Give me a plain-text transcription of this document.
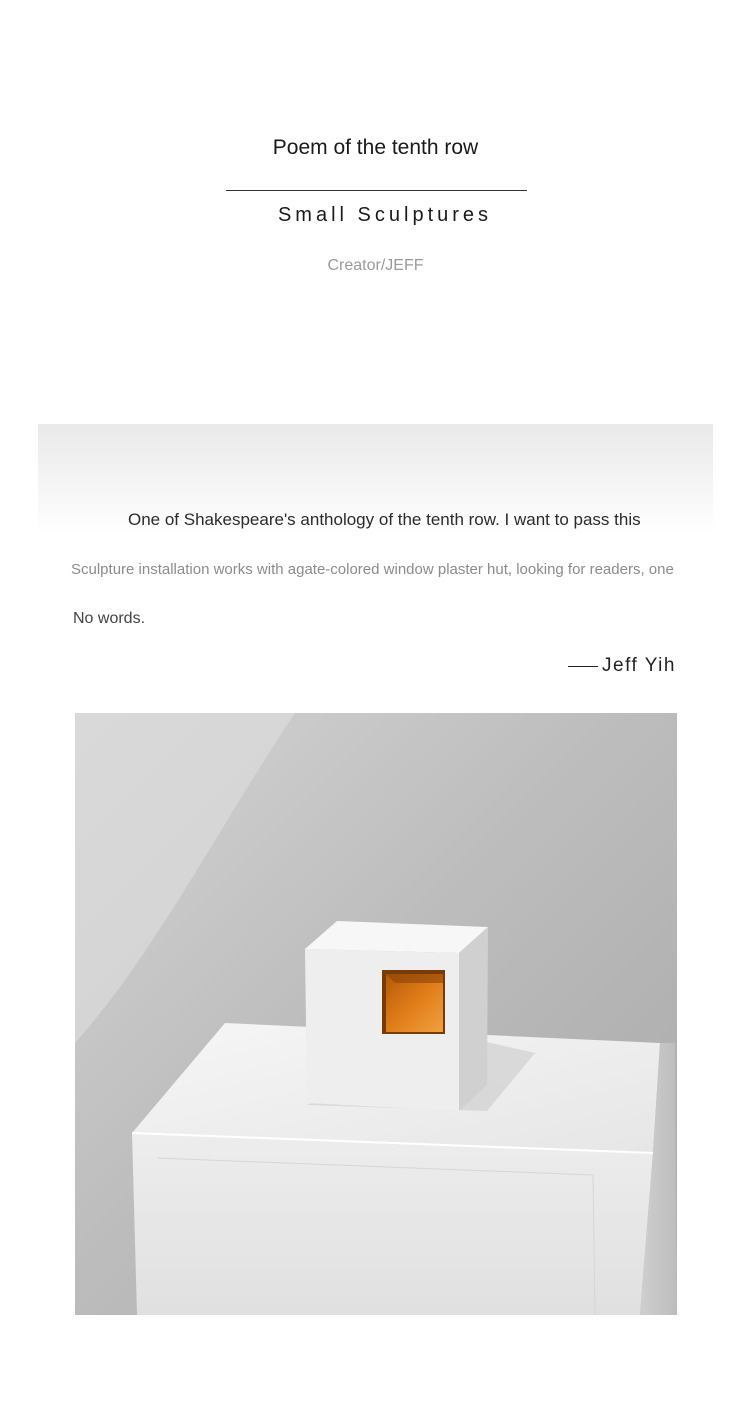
Poem of the tenth row
Small Sculptures
Creator/JEFF
One of Shakespeare's anthology of the tenth row. I want to pass this
Sculpture installation works with agate-colored window plaster hut, looking for readers, one
No words.
Jeff Yih
